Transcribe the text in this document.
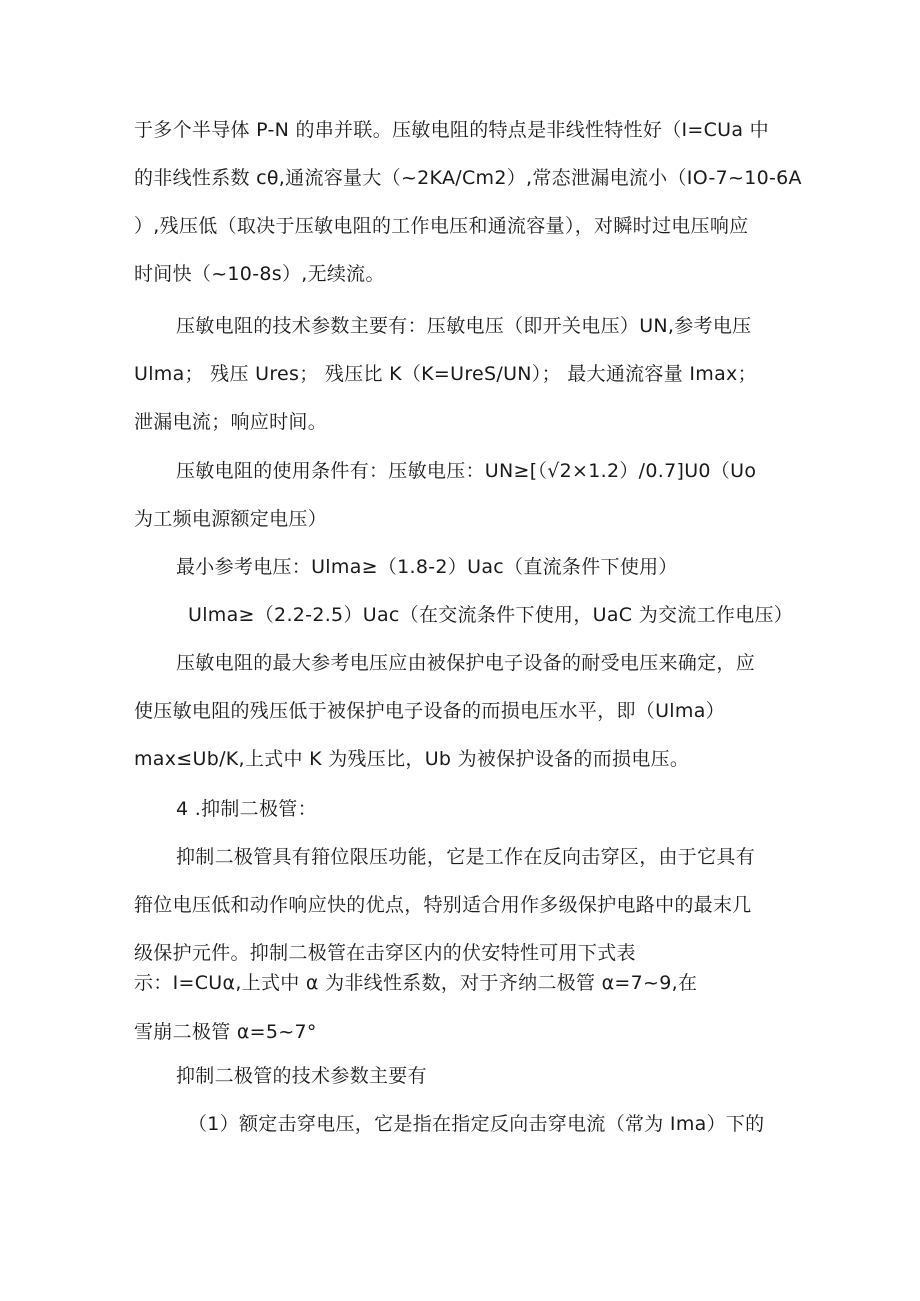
于多个半导体 P-N 的串并联。压敏电阻的特点是非线性特性好（I=CUa 中
的非线性系数 cθ,通流容量大（~2KA∕Cm2）,常态泄漏电流小（IO-7~10-6A
）,残压低（取决于压敏电阻的工作电压和通流容量），对瞬时过电压响应
时间快（~10-8s）,无续流。
压敏电阻的技术参数主要有：压敏电压（即开关电压）UN,参考电压
Ulma； 残压 Ures； 残压比 K（K=UreS/UN）； 最大通流容量 Imax；
泄漏电流；响应时间。
压敏电阻的使用条件有：压敏电压：UN≥[（√2×1.2）∕0.7]U0（Uo
为工频电源额定电压）
最小参考电压：Ulma≥（1.8-2）Uac（直流条件下使用）
Ulma≥（2.2-2.5）Uac（在交流条件下使用，UaC 为交流工作电压）
压敏电阻的最大参考电压应由被保护电子设备的耐受电压来确定，应
使压敏电阻的残压低于被保护电子设备的而损电压水平，即（Ulma）
max≤Ub∕K,上式中 K 为残压比，Ub 为被保护设备的而损电压。
4 .抑制二极管：
抑制二极管具有箝位限压功能，它是工作在反向击穿区，由于它具有
箝位电压低和动作响应快的优点，特别适合用作多级保护电路中的最末几
级保护元件。抑制二极管在击穿区内的伏安特性可用下式表
示：I=CUα,上式中 α 为非线性系数，对于齐纳二极管 α=7~9,在
雪崩二极管 α=5~7°
抑制二极管的技术参数主要有
（1）额定击穿电压，它是指在指定反向击穿电流（常为 Ima）下的
